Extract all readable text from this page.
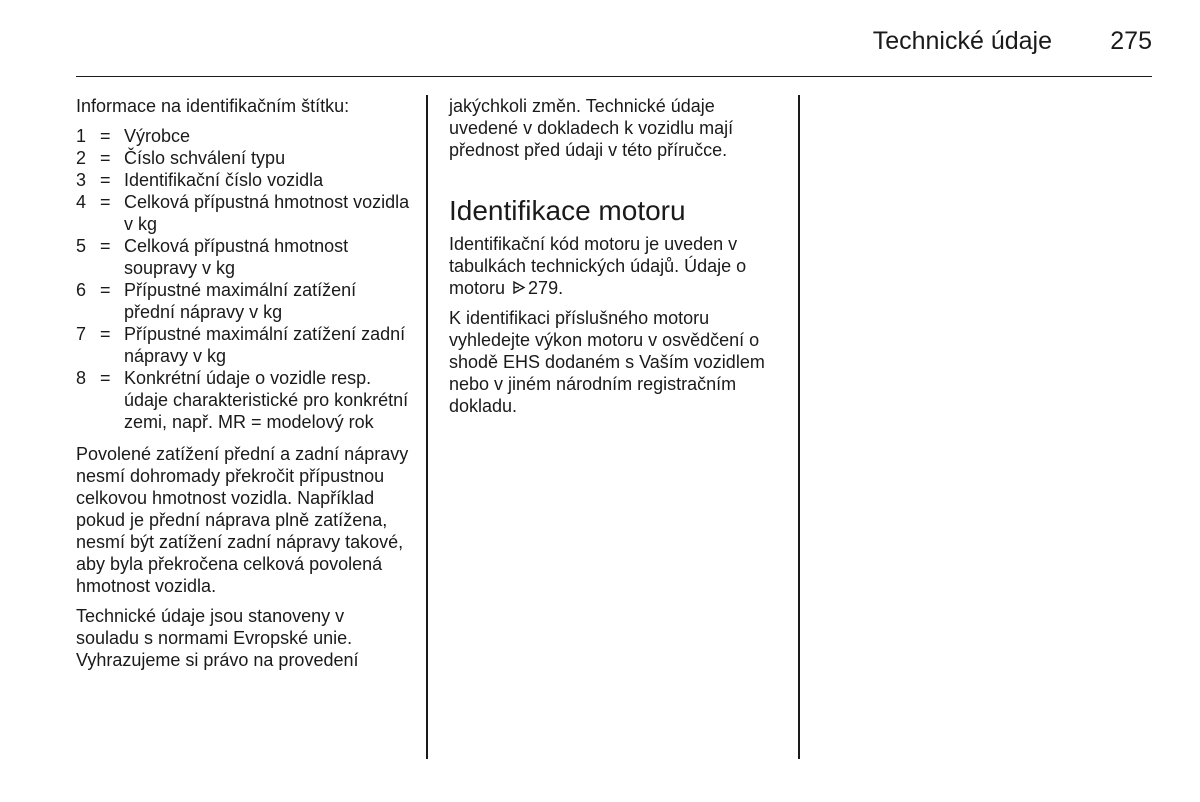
Technické údaje 275

Informace na identifikačním štítku:

1 = Výrobce
2 = Číslo schválení typu
3 = Identifikační číslo vozidla
4 = Celková přípustná hmotnost vozidla v kg
5 = Celková přípustná hmotnost soupravy v kg
6 = Přípustné maximální zatížení přední nápravy v kg
7 = Přípustné maximální zatížení zadní nápravy v kg
8 = Konkrétní údaje o vozidle resp. údaje charakteristické pro konkrétní zemi, např. MR = modelový rok

Povolené zatížení přední a zadní nápravy nesmí dohromady překročit přípustnou celkovou hmotnost vozidla. Například pokud je přední náprava plně zatížena, nesmí být zatížení zadní nápravy takové, aby byla překročena celková povolená hmotnost vozidla.

Technické údaje jsou stanoveny v souladu s normami Evropské unie. Vyhrazujeme si právo na provedení

jakýchkoli změn. Technické údaje uvedené v dokladech k vozidlu mají přednost před údaji v této příručce.

Identifikace motoru

Identifikační kód motoru je uveden v tabulkách technických údajů. Údaje o motoru 279.

K identifikaci příslušného motoru vyhledejte výkon motoru v osvědčení o shodě EHS dodaném s Vaším vozidlem nebo v jiném národním registračním dokladu.
